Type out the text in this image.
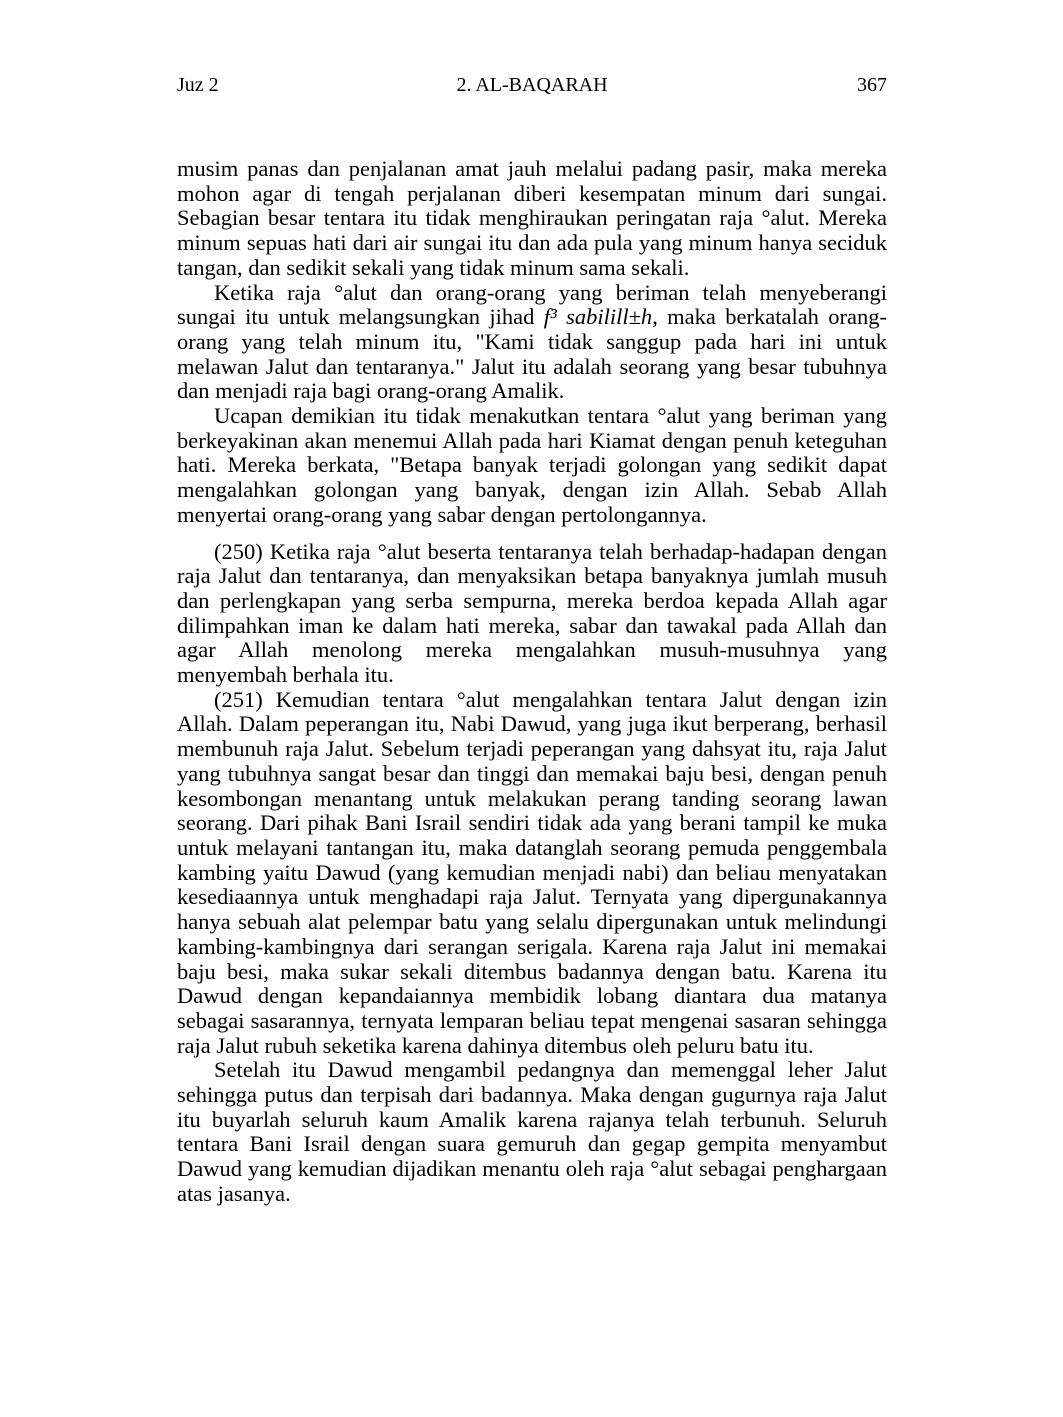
Juz 2	2. AL-BAQARAH	367

musim panas dan penjalanan amat jauh melalui padang pasir, maka mereka mohon agar di tengah perjalanan diberi kesempatan minum dari sungai. Sebagian besar tentara itu tidak menghiraukan peringatan raja °alut. Mereka minum sepuas hati dari air sungai itu dan ada pula yang minum hanya seciduk tangan, dan sedikit sekali yang tidak minum sama sekali.

Ketika raja °alut dan orang-orang yang beriman telah menyeberangi sungai itu untuk melangsungkan jihad f³ sabilill±h, maka berkatalah orang-orang yang telah minum itu, "Kami tidak sanggup pada hari ini untuk melawan Jalut dan tentaranya." Jalut itu adalah seorang yang besar tubuhnya dan menjadi raja bagi orang-orang Amalik.

Ucapan demikian itu tidak menakutkan tentara °alut yang beriman yang berkeyakinan akan menemui Allah pada hari Kiamat dengan penuh keteguhan hati. Mereka berkata, "Betapa banyak terjadi golongan yang sedikit dapat mengalahkan golongan yang banyak, dengan izin Allah. Sebab Allah menyertai orang-orang yang sabar dengan pertolongannya.

(250) Ketika raja °alut beserta tentaranya telah berhadap-hadapan dengan raja Jalut dan tentaranya, dan menyaksikan betapa banyaknya jumlah musuh dan perlengkapan yang serba sempurna, mereka berdoa kepada Allah agar dilimpahkan iman ke dalam hati mereka, sabar dan tawakal pada Allah dan agar Allah menolong mereka mengalahkan musuh-musuhnya yang menyembah berhala itu.

(251) Kemudian tentara °alut mengalahkan tentara Jalut dengan izin Allah. Dalam peperangan itu, Nabi Dawud, yang juga ikut berperang, berhasil membunuh raja Jalut. Sebelum terjadi peperangan yang dahsyat itu, raja Jalut yang tubuhnya sangat besar dan tinggi dan memakai baju besi, dengan penuh kesombongan menantang untuk melakukan perang tanding seorang lawan seorang. Dari pihak Bani Israil sendiri tidak ada yang berani tampil ke muka untuk melayani tantangan itu, maka datanglah seorang pemuda penggembala kambing yaitu Dawud (yang kemudian menjadi nabi) dan beliau menyatakan kesediaannya untuk menghadapi raja Jalut. Ternyata yang dipergunakannya hanya sebuah alat pelempar batu yang selalu dipergunakan untuk melindungi kambing-kambingnya dari serangan serigala. Karena raja Jalut ini memakai baju besi, maka sukar sekali ditembus badannya dengan batu. Karena itu Dawud dengan kepandaiannya membidik lobang diantara dua matanya sebagai sasarannya, ternyata lemparan beliau tepat mengenai sasaran sehingga raja Jalut rubuh seketika karena dahinya ditembus oleh peluru batu itu.

Setelah itu Dawud mengambil pedangnya dan memenggal leher Jalut sehingga putus dan terpisah dari badannya. Maka dengan gugurnya raja Jalut itu buyarlah seluruh kaum Amalik karena rajanya telah terbunuh. Seluruh tentara Bani Israil dengan suara gemuruh dan gegap gempita menyambut Dawud yang kemudian dijadikan menantu oleh raja °alut sebagai penghargaan atas jasanya.
